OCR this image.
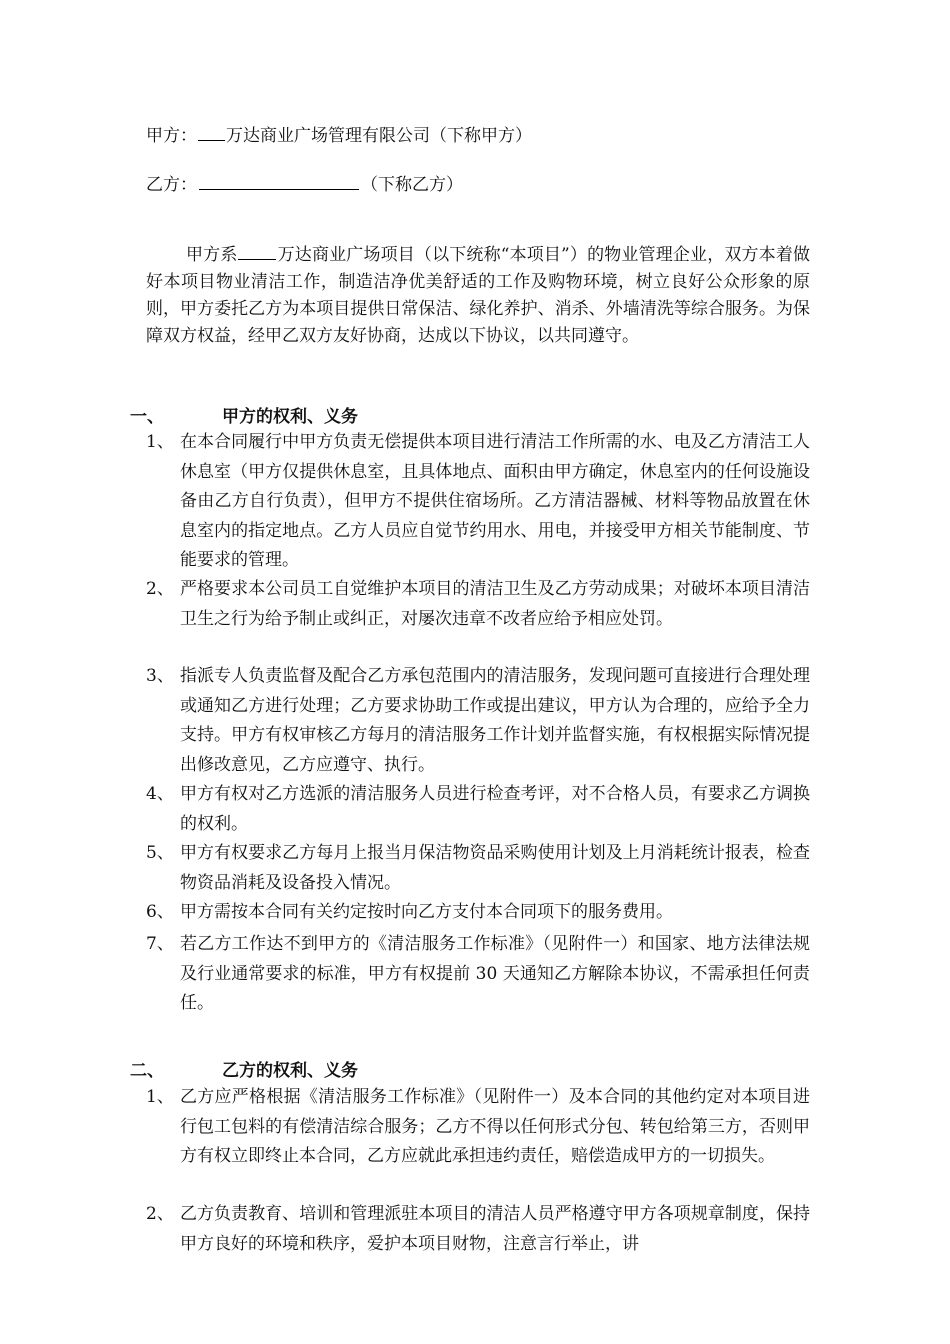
甲方： 万达商业广场管理有限公司（下称甲方）
乙方：	（下称乙方）
甲方系 万达商业广场项目（以下统称“本项目”）的物业管理企业，双方本着做好本项目物业清洁工作，制造洁净优美舒适的工作及购物环境，树立良好公众形象的原则，甲方委托乙方为本项目提供日常保洁、绿化养护、消杀、外墙清洗等综合服务。为保障双方权益，经甲乙双方友好协商，达成以下协议，以共同遵守。
一、	甲方的权利、义务
1、 在本合同履行中甲方负责无偿提供本项目进行清洁工作所需的水、电及乙方清洁工人休息室（甲方仅提供休息室，且具体地点、面积由甲方确定，休息室内的任何设施设备由乙方自行负责），但甲方不提供住宿场所。乙方清洁器械、材料等物品放置在休息室内的指定地点。乙方人员应自觉节约用水、用电，并接受甲方相关节能制度、节能要求的管理。
2、 严格要求本公司员工自觉维护本项目的清洁卫生及乙方劳动成果；对破坏本项目清洁卫生之行为给予制止或纠正，对屡次违章不改者应给予相应处罚。
3、 指派专人负责监督及配合乙方承包范围内的清洁服务，发现问题可直接进行合理处理或通知乙方进行处理；乙方要求协助工作或提出建议，甲方认为合理的，应给予全力支持。甲方有权审核乙方每月的清洁服务工作计划并监督实施，有权根据实际情况提出修改意见，乙方应遵守、执行。
4、 甲方有权对乙方选派的清洁服务人员进行检查考评，对不合格人员，有要求乙方调换的权利。
5、 甲方有权要求乙方每月上报当月保洁物资品采购使用计划及上月消耗统计报表，检查物资品消耗及设备投入情况。
6、 甲方需按本合同有关约定按时向乙方支付本合同项下的服务费用。
7、 若乙方工作达不到甲方的《清洁服务工作标准》（见附件一）和国家、地方法律法规及行业通常要求的标准，甲方有权提前 30 天通知乙方解除本协议，不需承担任何责任。
二、	乙方的权利、义务
1、 乙方应严格根据《清洁服务工作标准》（见附件一）及本合同的其他约定对本项目进行包工包料的有偿清洁综合服务；乙方不得以任何形式分包、转包给第三方，否则甲方有权立即终止本合同，乙方应就此承担违约责任，赔偿造成甲方的一切损失。
2、 乙方负责教育、培训和管理派驻本项目的清洁人员严格遵守甲方各项规章制度，保持甲方良好的环境和秩序，爱护本项目财物，注意言行举止，讲
